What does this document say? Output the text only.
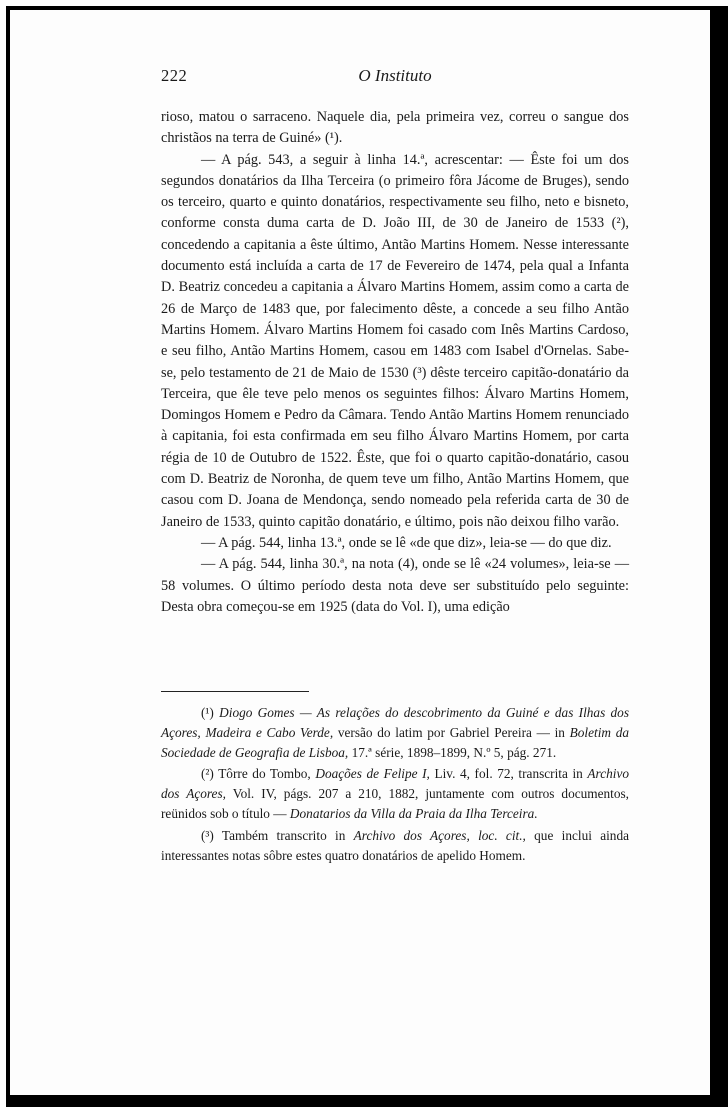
222	O Instituto

rioso, matou o sarraceno. Naquele dia, pela primeira vez, correu o sangue dos christãos na terra de Guiné» (¹).

— A pág. 543, a seguir à linha 14.ª, acrescentar: — Êste foi um dos segundos donatários da Ilha Terceira (o primeiro fôra Jácome de Bruges), sendo os terceiro, quarto e quinto donatários, respectivamente seu filho, neto e bisneto, conforme consta duma carta de D. João III, de 30 de Janeiro de 1533 (²), concedendo a capitania a êste último, Antão Martins Homem. Nesse interessante documento está incluída a carta de 17 de Fevereiro de 1474, pela qual a Infanta D. Beatriz concedeu a capitania a Álvaro Martins Homem, assim como a carta de 26 de Março de 1483 que, por falecimento dêste, a concede a seu filho Antão Martins Homem. Álvaro Martins Homem foi casado com Inês Martins Cardoso, e seu filho, Antão Martins Homem, casou em 1483 com Isabel d'Ornelas. Sabe-se, pelo testamento de 21 de Maio de 1530 (³) dêste terceiro capitão-donatário da Terceira, que êle teve pelo menos os seguintes filhos: Álvaro Martins Homem, Domingos Homem e Pedro da Câmara. Tendo Antão Martins Homem renunciado à capitania, foi esta confirmada em seu filho Álvaro Martins Homem, por carta régia de 10 de Outubro de 1522. Êste, que foi o quarto capitão-donatário, casou com D. Beatriz de Noronha, de quem teve um filho, Antão Martins Homem, que casou com D. Joana de Mendonça, sendo nomeado pela referida carta de 30 de Janeiro de 1533, quinto capitão donatário, e último, pois não deixou filho varão.

— A pág. 544, linha 13.ª, onde se lê «de que diz», leia-se — do que diz.

— A pág. 544, linha 30.ª, na nota (4), onde se lê «24 volumes», leia-se — 58 volumes. O último período desta nota deve ser substituído pelo seguinte: Desta obra começou-se em 1925 (data do Vol. I), uma edição

(¹) Diogo Gomes — As relações do descobrimento da Guiné e das Ilhas dos Açores, Madeira e Cabo Verde, versão do latim por Gabriel Pereira — in Boletim da Sociedade de Geografia de Lisboa, 17.ª série, 1898–1899, N.º 5, pág. 271.

(²) Tôrre do Tombo, Doações de Felipe I, Liv. 4, fol. 72, transcrita in Archivo dos Açores, Vol. IV, págs. 207 a 210, 1882, juntamente com outros documentos, reünidos sob o título — Donatarios da Villa da Praia da Ilha Terceira.

(³) Também transcrito in Archivo dos Açores, loc. cit., que inclui ainda interessantes notas sôbre estes quatro donatários de apelido Homem.
